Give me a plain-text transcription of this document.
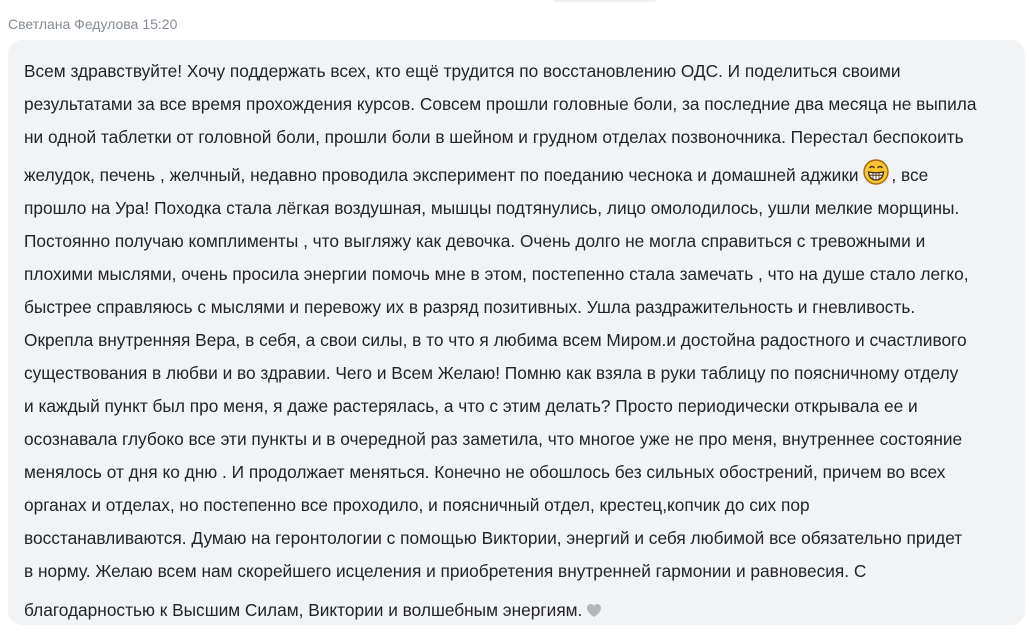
Светлана Федулова 15:20
Всем здравствуйте! Хочу поддержать всех, кто ещё трудится по восстановлению ОДС. И поделиться своими
результатами за все время прохождения курсов. Совсем прошли головные боли, за последние два месяца не выпила
ни одной таблетки от головной боли, прошли боли в шейном и грудном отделах позвоночника. Перестал беспокоить
желудок, печень , желчный, недавно проводила эксперимент по поеданию чеснока и домашней аджики , все
прошло на Ура! Походка стала лёгкая воздушная, мышцы подтянулись, лицо омолодилось, ушли мелкие морщины.
Постоянно получаю комплименты , что выгляжу как девочка. Очень долго не могла справиться с тревожными и
плохими мыслями, очень просила энергии помочь мне в этом, постепенно стала замечать , что на душе стало легко,
быстрее справляюсь с мыслями и перевожу их в разряд позитивных. Ушла раздражительность и гневливость.
Окрепла внутренняя Вера, в себя, а свои силы, в то что я любима всем Миром.и достойна радостного и счастливого
существования в любви и во здравии. Чего и Всем Желаю! Помню как взяла в руки таблицу по поясничному отделу
и каждый пункт был про меня, я даже растерялась, а что с этим делать? Просто периодически открывала ее и
осознавала глубоко все эти пункты и в очередной раз заметила, что многое уже не про меня, внутреннее состояние
менялось от дня ко дню . И продолжает меняться. Конечно не обошлось без сильных обострений, причем во всех
органах и отделах, но постепенно все проходило, и поясничный отдел, крестец,копчик до сих пор
восстанавливаются. Думаю на геронтологии с помощью Виктории, энергий и себя любимой все обязательно придет
в норму. Желаю всем нам скорейшего исцеления и приобретения внутренней гармонии и равновесия. С
благодарностью к Высшим Силам, Виктории и волшебным энергиям.
